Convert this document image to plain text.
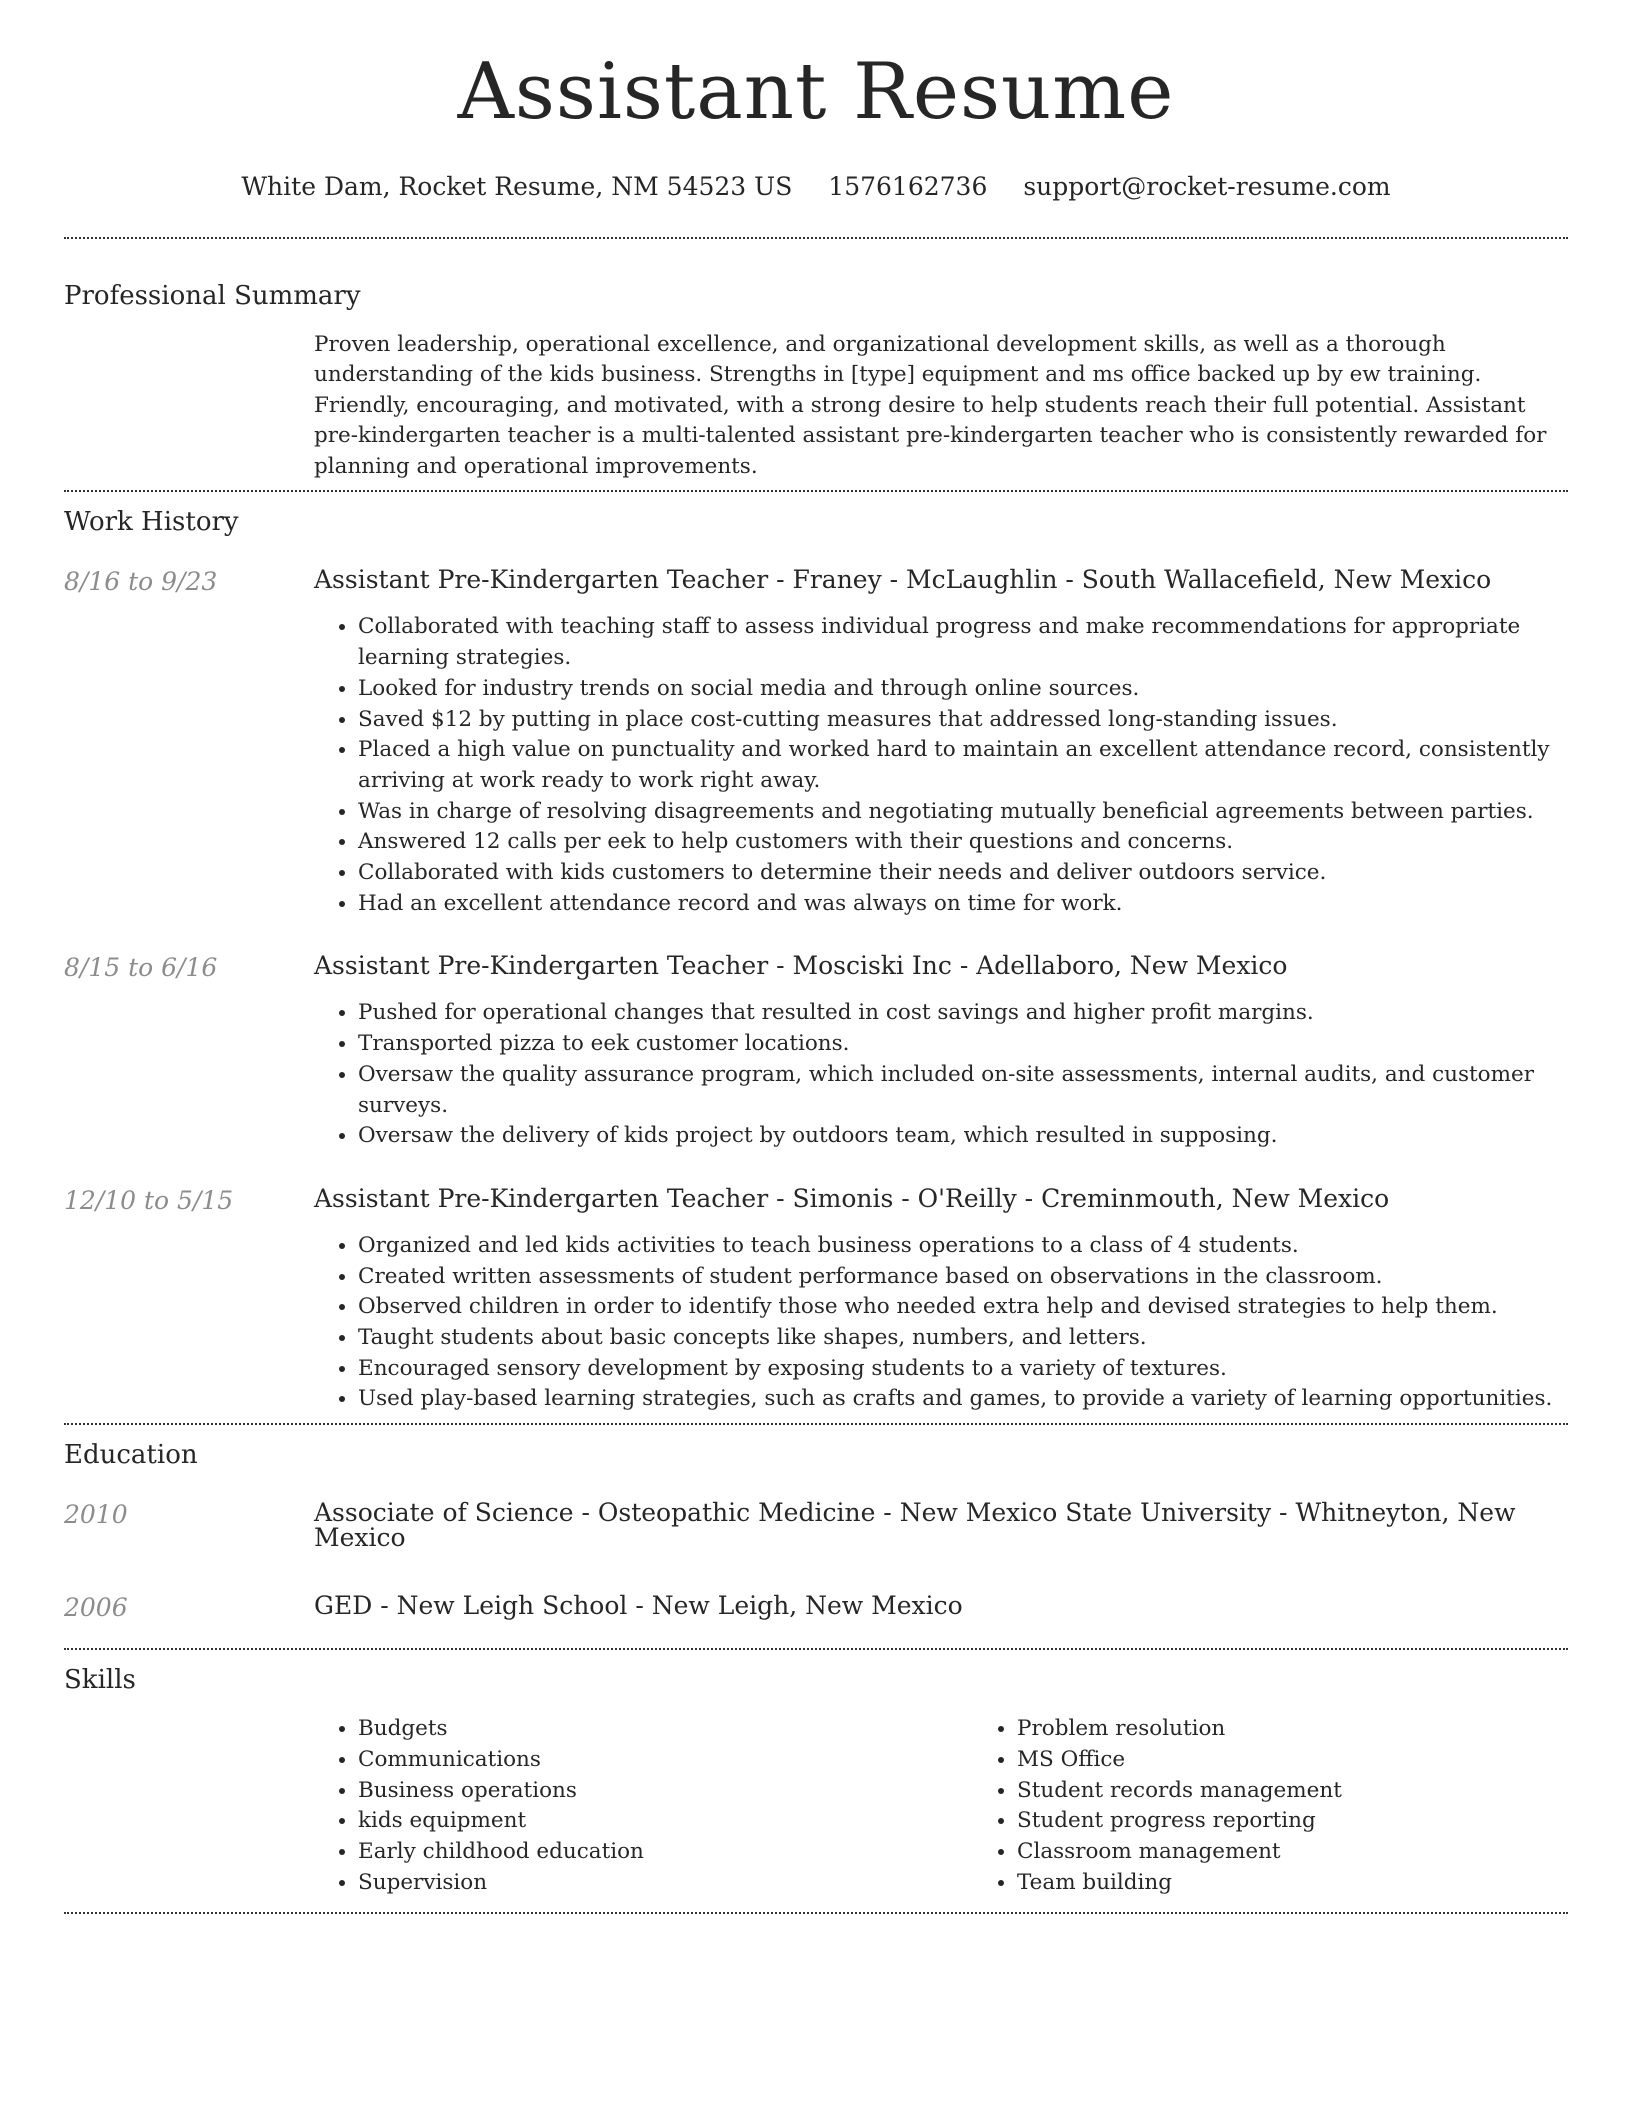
Assistant Resume
White Dam, Rocket Resume, NM 54523 US 1576162736 support@rocket-resume.com
Professional Summary

Proven leadership, operational excellence, and organizational development skills, as well as a thorough understanding of the kids business. Strengths in [type] equipment and ms office backed up by ew training. Friendly, encouraging, and motivated, with a strong desire to help students reach their full potential. Assistant pre-kindergarten teacher is a multi-talented assistant pre-kindergarten teacher who is consistently rewarded for planning and operational improvements.

Work History
8/16 to 9/23	Assistant Pre-Kindergarten Teacher - Franey - McLaughlin - South Wallacefield, New Mexico
• Collaborated with teaching staff to assess individual progress and make recommendations for appropriate learning strategies.
• Looked for industry trends on social media and through online sources.
• Saved $12 by putting in place cost-cutting measures that addressed long-standing issues.
• Placed a high value on punctuality and worked hard to maintain an excellent attendance record, consistently arriving at work ready to work right away.
• Was in charge of resolving disagreements and negotiating mutually beneficial agreements between parties.
• Answered 12 calls per eek to help customers with their questions and concerns.
• Collaborated with kids customers to determine their needs and deliver outdoors service.
• Had an excellent attendance record and was always on time for work.
8/15 to 6/16	Assistant Pre-Kindergarten Teacher - Mosciski Inc - Adellaboro, New Mexico
• Pushed for operational changes that resulted in cost savings and higher profit margins.
• Transported pizza to eek customer locations.
• Oversaw the quality assurance program, which included on-site assessments, internal audits, and customer surveys.
• Oversaw the delivery of kids project by outdoors team, which resulted in supposing.
12/10 to 5/15	Assistant Pre-Kindergarten Teacher - Simonis - O'Reilly - Creminmouth, New Mexico
• Organized and led kids activities to teach business operations to a class of 4 students.
• Created written assessments of student performance based on observations in the classroom.
• Observed children in order to identify those who needed extra help and devised strategies to help them.
• Taught students about basic concepts like shapes, numbers, and letters.
• Encouraged sensory development by exposing students to a variety of textures.
• Used play-based learning strategies, such as crafts and games, to provide a variety of learning opportunities.
Education
2010	Associate of Science - Osteopathic Medicine - New Mexico State University - Whitneyton, New Mexico
2006	GED - New Leigh School - New Leigh, New Mexico
Skills
• Budgets
• Communications
• Business operations
• kids equipment
• Early childhood education
• Supervision
• Problem resolution
• MS Office
• Student records management
• Student progress reporting
• Classroom management
• Team building
